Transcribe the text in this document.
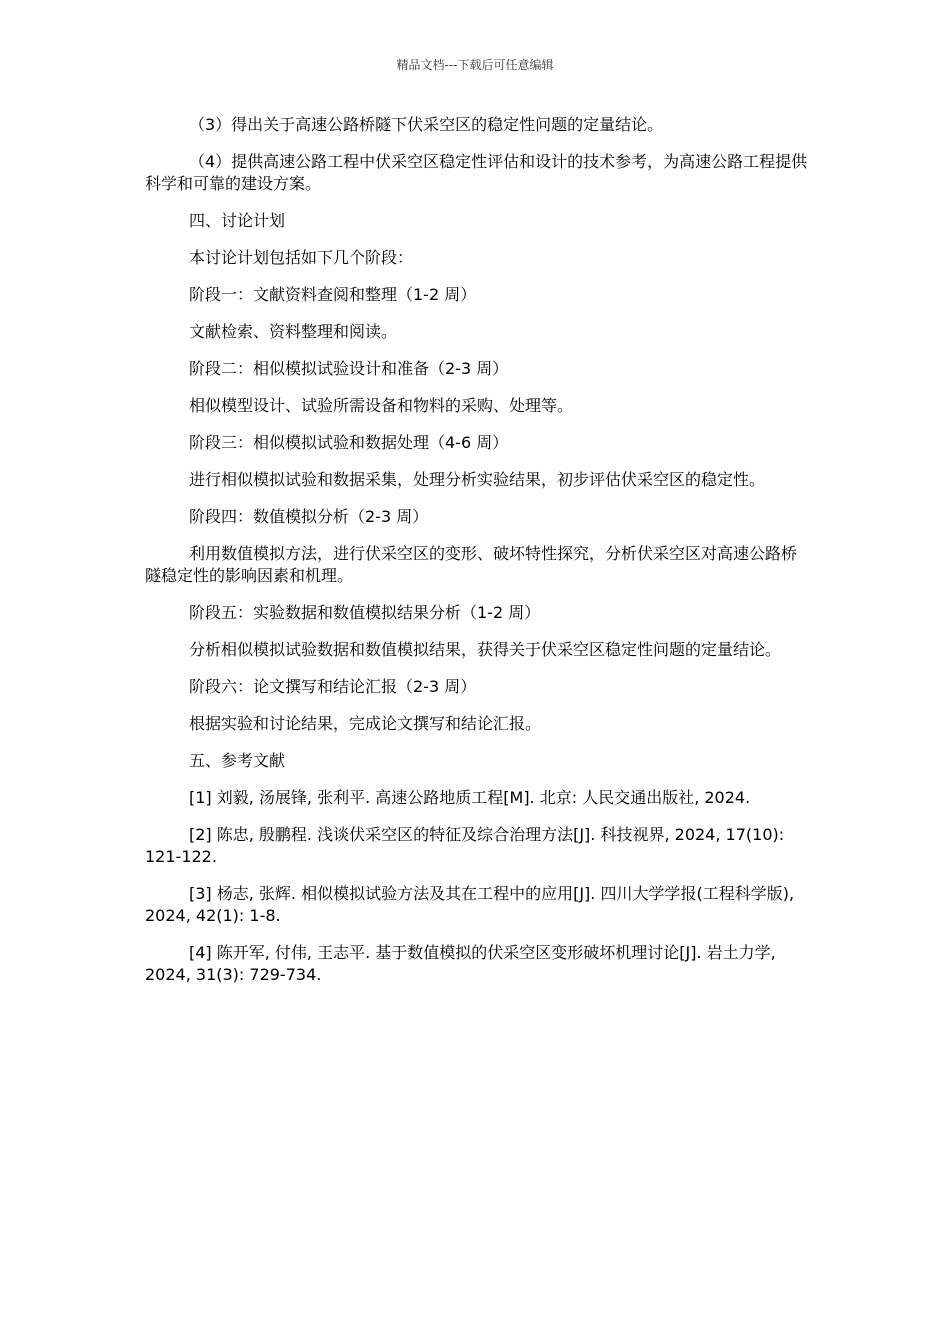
精品文档---下载后可任意编辑

（3）得出关于高速公路桥隧下伏采空区的稳定性问题的定量结论。

（4）提供高速公路工程中伏采空区稳定性评估和设计的技术参考，为高速公路工程提供科学和可靠的建设方案。

四、讨论计划

本讨论计划包括如下几个阶段：

阶段一：文献资料查阅和整理（1-2 周）

文献检索、资料整理和阅读。

阶段二：相似模拟试验设计和准备（2-3 周）

相似模型设计、试验所需设备和物料的采购、处理等。

阶段三：相似模拟试验和数据处理（4-6 周）

进行相似模拟试验和数据采集，处理分析实验结果，初步评估伏采空区的稳定性。

阶段四：数值模拟分析（2-3 周）

利用数值模拟方法，进行伏采空区的变形、破坏特性探究，分析伏采空区对高速公路桥隧稳定性的影响因素和机理。

阶段五：实验数据和数值模拟结果分析（1-2 周）

分析相似模拟试验数据和数值模拟结果，获得关于伏采空区稳定性问题的定量结论。

阶段六：论文撰写和结论汇报（2-3 周）

根据实验和讨论结果，完成论文撰写和结论汇报。

五、参考文献

[1] 刘毅, 汤展锋, 张利平. 高速公路地质工程[M]. 北京: 人民交通出版社, 2024.

[2] 陈忠, 殷鹏程. 浅谈伏采空区的特征及综合治理方法[J]. 科技视界, 2024, 17(10): 121-122.

[3] 杨志, 张辉. 相似模拟试验方法及其在工程中的应用[J]. 四川大学学报(工程科学版), 2024, 42(1): 1-8.

[4] 陈开军, 付伟, 王志平. 基于数值模拟的伏采空区变形破坏机理讨论[J]. 岩土力学, 2024, 31(3): 729-734.
